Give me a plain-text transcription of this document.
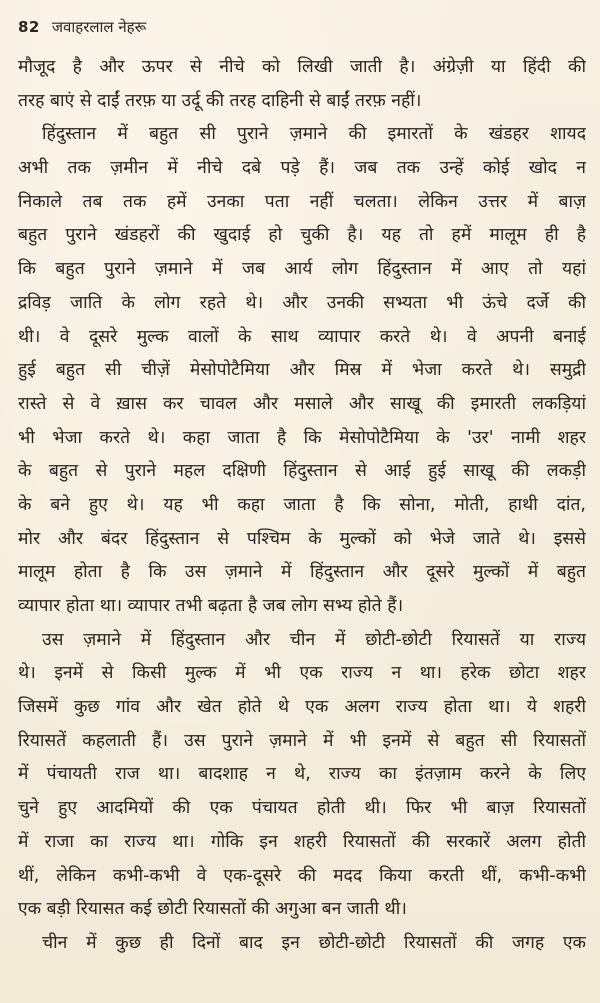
82 जवाहरलाल नेहरू
मौजूद है और ऊपर से नीचे को लिखी जाती है। अंग्रेज़ी या हिंदी की
तरह बाएं से दाईं तरफ़ या उर्दू की तरह दाहिनी से बाईं तरफ़ नहीं।
हिंदुस्तान में बहुत सी पुराने ज़माने की इमारतों के खंडहर शायद
अभी तक ज़मीन में नीचे दबे पड़े हैं। जब तक उन्हें कोई खोद न
निकाले तब तक हमें उनका पता नहीं चलता। लेकिन उत्तर में बाज़
बहुत पुराने खंडहरों की खुदाई हो चुकी है। यह तो हमें मालूम ही है
कि बहुत पुराने ज़माने में जब आर्य लोग हिंदुस्तान में आए तो यहां
द्रविड़ जाति के लोग रहते थे। और उनकी सभ्यता भी ऊंचे दर्जे की
थी। वे दूसरे मुल्क वालों के साथ व्यापार करते थे। वे अपनी बनाई
हुई बहुत सी चीज़ें मेसोपोटैमिया और मिस्र में भेजा करते थे। समुद्री
रास्ते से वे ख़ास कर चावल और मसाले और साखू की इमारती लकड़ियां
भी भेजा करते थे। कहा जाता है कि मेसोपोटैमिया के 'उर' नामी शहर
के बहुत से पुराने महल दक्षिणी हिंदुस्तान से आई हुई साखू की लकड़ी
के बने हुए थे। यह भी कहा जाता है कि सोना, मोती, हाथी दांत,
मोर और बंदर हिंदुस्तान से पश्चिम के मुल्कों को भेजे जाते थे। इससे
मालूम होता है कि उस ज़माने में हिंदुस्तान और दूसरे मुल्कों में बहुत
व्यापार होता था। व्यापार तभी बढ़ता है जब लोग सभ्य होते हैं।
उस ज़माने में हिंदुस्तान और चीन में छोटी-छोटी रियासतें या राज्य
थे। इनमें से किसी मुल्क में भी एक राज्य न था। हरेक छोटा शहर
जिसमें कुछ गांव और खेत होते थे एक अलग राज्य होता था। ये शहरी
रियासतें कहलाती हैं। उस पुराने ज़माने में भी इनमें से बहुत सी रियासतों
में पंचायती राज था। बादशाह न थे, राज्य का इंतज़ाम करने के लिए
चुने हुए आदमियों की एक पंचायत होती थी। फिर भी बाज़ रियासतों
में राजा का राज्य था। गोकि इन शहरी रियासतों की सरकारें अलग होती
थीं, लेकिन कभी-कभी वे एक-दूसरे की मदद किया करती थीं, कभी-कभी
एक बड़ी रियासत कई छोटी रियासतों की अगुआ बन जाती थी।
चीन में कुछ ही दिनों बाद इन छोटी-छोटी रियासतों की जगह एक
